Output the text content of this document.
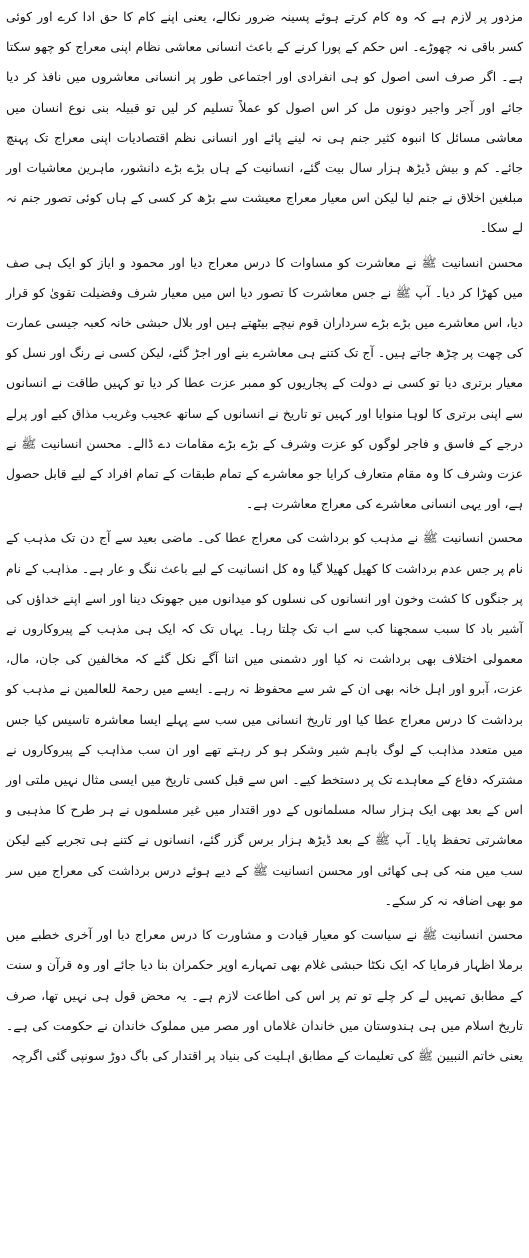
مزدور پر لازم ہے کہ وہ کام کرتے ہوئے پسینہ ضرور نکالے، یعنی اپنے کام کا حق ادا کرے اور کوئی کسر باقی نہ چھوڑے۔ اس حکم کے پورا کرنے کے باعث انسانی معاشی نظام اپنی معراج کو چھو سکتا ہے۔ اگر صرف اسی اصول کو ہی انفرادی اور اجتماعی طور پر انسانی معاشروں میں نافذ کر دیا جائے اور آجر واجیر دونوں مل کر اس اصول کو عملاً تسلیم کر لیں تو قبیلہ بنی نوع انسان میں معاشی مسائل کا انبوہ کثیر جنم ہی نہ لینے پائے اور انسانی نظم اقتصادیات اپنی معراج تک پہنچ جائے۔ کم و بیش ڈیڑھ ہزار سال بیت گئے، انسانیت کے ہاں بڑے بڑے دانشور، ماہرین معاشیات اور مبلغین اخلاق نے جنم لیا لیکن اس معیار معراج معیشت سے بڑھ کر کسی کے ہاں کوئی تصور جنم نہ لے سکا۔

محسن انسانیت ﷺ نے معاشرت کو مساوات کا درس معراج دیا اور محمود و ایاز کو ایک ہی صف میں کھڑا کر دیا۔ آپ ﷺ نے جس معاشرت کا تصور دیا اس میں معیار شرف وفضیلت تقویٰ کو قرار دیا، اس معاشرے میں بڑے بڑے سرداران قوم نیچے بیٹھتے ہیں اور بلال حبشی خانہ کعبہ جیسی عمارت کی چھت پر چڑھ جاتے ہیں۔ آج تک کتنے ہی معاشرے بنے اور اجڑ گئے، لیکن کسی نے رنگ اور نسل کو معیار برتری دیا تو کسی نے دولت کے پجاریوں کو ممبر عزت عطا کر دیا تو کہیں طاقت نے انسانوں سے اپنی برتری کا لوہا منوایا اور کہیں تو تاریخ نے انسانوں کے ساتھ عجیب وغریب مذاق کیے اور پرلے درجے کے فاسق و فاجر لوگوں کو عزت وشرف کے بڑے بڑے مقامات دے ڈالے۔ محسن انسانیت ﷺ نے عزت وشرف کا وہ مقام متعارف کرایا جو معاشرے کے تمام طبقات کے تمام افراد کے لیے قابل حصول ہے، اور یہی انسانی معاشرے کی معراج معاشرت ہے۔

محسن انسانیت ﷺ نے مذہب کو برداشت کی معراج عطا کی۔ ماضی بعید سے آج دن تک مذہب کے نام پر جس عدم برداشت کا کھیل کھیلا گیا وہ کل انسانیت کے لیے باعث ننگ و عار ہے۔ مذاہب کے نام پر جنگوں کا کشت وخون اور انسانوں کی نسلوں کو میدانوں میں جھونک دینا اور اسے اپنے خداؤں کی آشیر باد کا سبب سمجھنا کب سے اب تک چلتا رہا۔ یہاں تک کہ ایک ہی مذہب کے پیروکاروں نے معمولی اختلاف بھی برداشت نہ کیا اور دشمنی میں اتنا آگے نکل گئے کہ مخالفین کی جان، مال، عزت، آبرو اور اہل خانہ بھی ان کے شر سے محفوظ نہ رہے۔ ایسے میں رحمۃ للعالمین نے مذہب کو برداشت کا درس معراج عطا کیا اور تاریخ انسانی میں سب سے پہلے ایسا معاشرہ تاسیس کیا جس میں متعدد مذاہب کے لوگ باہم شیر وشکر ہو کر رہتے تھے اور ان سب مذاہب کے پیروکاروں نے مشترکہ دفاع کے معاہدے تک پر دستخط کیے۔ اس سے قبل کسی تاریخ میں ایسی مثال نہیں ملتی اور اس کے بعد بھی ایک ہزار سالہ مسلمانوں کے دور اقتدار میں غیر مسلموں نے ہر طرح کا مذہبی و معاشرتی تحفظ پایا۔ آپ ﷺ کے بعد ڈیڑھ ہزار برس گزر گئے، انسانوں نے کتنے ہی تجربے کیے لیکن سب میں منہ کی ہی کھائی اور محسن انسانیت ﷺ کے دیے ہوئے درس برداشت کی معراج میں سر مو بھی اضافہ نہ کر سکے۔

محسن انسانیت ﷺ نے سیاست کو معیار قیادت و مشاورت کا درس معراج دیا اور آخری خطبے میں برملا اظہار فرمایا کہ ایک نکٹا حبشی غلام بھی تمہارے اوپر حکمران بنا دیا جائے اور وہ قرآن و سنت کے مطابق تمہیں لے کر چلے تو تم پر اس کی اطاعت لازم ہے۔ یہ محض قول ہی نہیں تھا، صرف تاریخ اسلام میں ہی ہندوستان میں خاندان غلاماں اور مصر میں مملوک خاندان نے حکومت کی ہے۔ یعنی خاتم النبیین ﷺ کی تعلیمات کے مطابق اہلیت کی بنیاد پر اقتدار کی باگ دوڑ سونپی گئی اگرچہ
